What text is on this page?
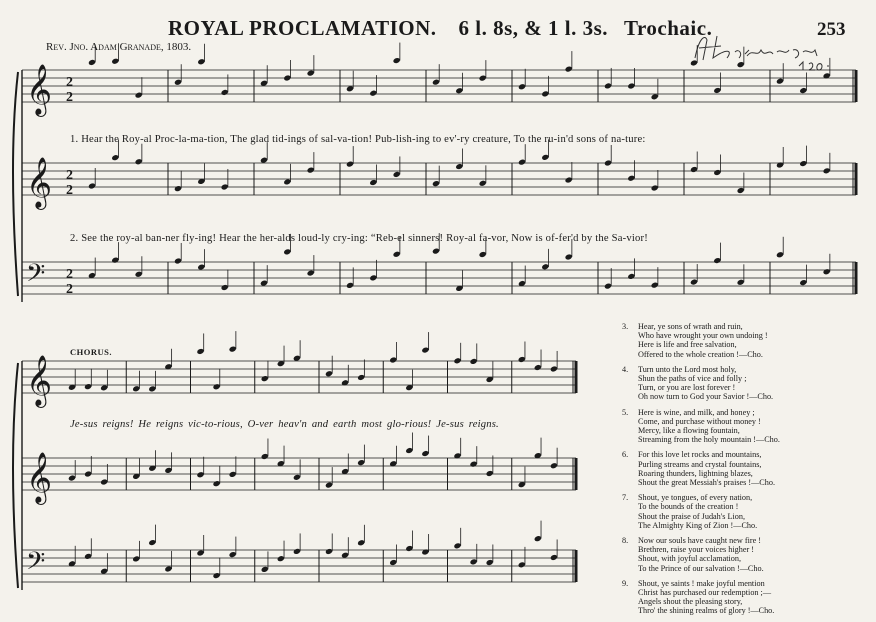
ROYAL PROCLAMATION. 6 l. 8s, & 1 l. 3s. Trochaic.	253
Rev. Jno. Adam Granade, 1803.
𝄞 2
2
𝄞 2
2
𝄢 2
2
𝄞
𝄞
𝄢
1. Hear the Roy-al Proc-la-ma-tion, The glad tid-ings of sal-va-tion! Pub-lish-ing to ev'-ry creature, To the ru-in'd sons of na-ture:
2. See the roy-al ban-ner fly-ing! Hear the her-alds loud-ly cry-ing: “Reb-el sinners! Roy-al fa-vor, Now is of-fer'd by the Sa-vior!
CHORUS.
Je-sus reigns! He reigns vic-to-rious, O-ver heav'n and earth most glo-rious! Je-sus reigns.
3.	Hear, ye sons of wrath and ruin,
Who have wrought your own undoing !
Here is life and free salvation,
Offered to the whole creation !—Cho.
4.	Turn unto the Lord most holy,
Shun the paths of vice and folly ;
Turn, or you are lost forever !
Oh now turn to God your Savior !—Cho.
5.	Here is wine, and milk, and honey ;
Come, and purchase without money !
Mercy, like a flowing fountain,
Streaming from the holy mountain !—Cho.
6.	For this love let rocks and mountains,
Purling streams and crystal fountains,
Roaring thunders, lightning blazes,
Shout the great Messiah's praises !—Cho.
7.	Shout, ye tongues, of every nation,
To the bounds of the creation !
Shout the praise of Judah's Lion,
The Almighty King of Zion !—Cho.
8.	Now our souls have caught new fire !
Brethren, raise your voices higher !
Shout, with joyful acclamation,
To the Prince of our salvation !—Cho.
9.	Shout, ye saints ! make joyful mention
Christ has purchased our redemption ;—
Angels shout the pleasing story,
Thro' the shining realms of glory !—Cho.
